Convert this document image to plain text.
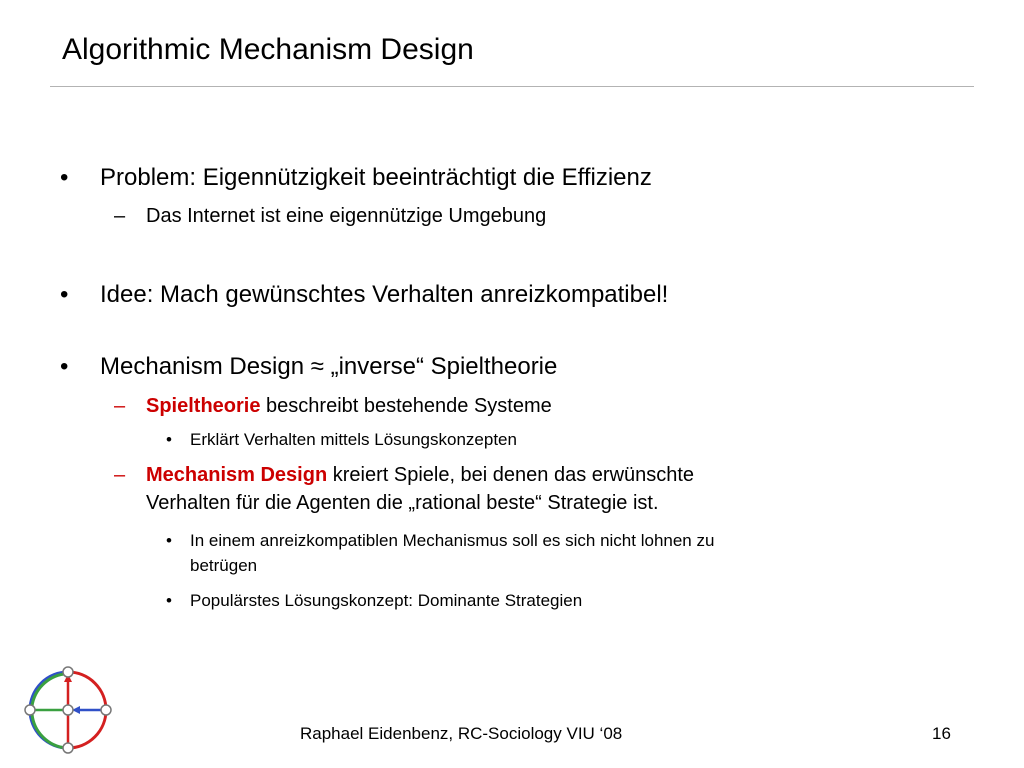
Algorithmic Mechanism Design
• Problem: Eigennützigkeit beeinträchtigt die Effizienz
– Das Internet ist eine eigennützige Umgebung
• Idee: Mach gewünschtes Verhalten anreizkompatibel!
• Mechanism Design ≈ „inverse“ Spieltheorie
– Spieltheorie beschreibt bestehende Systeme
• Erklärt Verhalten mittels Lösungskonzepten
– Mechanism Design kreiert Spiele, bei denen das erwünschte
Verhalten für die Agenten die „rational beste“ Strategie ist.
• In einem anreizkompatiblen Mechanismus soll es sich nicht lohnen zu
betrügen
• Populärstes Lösungskonzept: Dominante Strategien
Raphael Eidenbenz, RC-Sociology VIU ‘08	16
